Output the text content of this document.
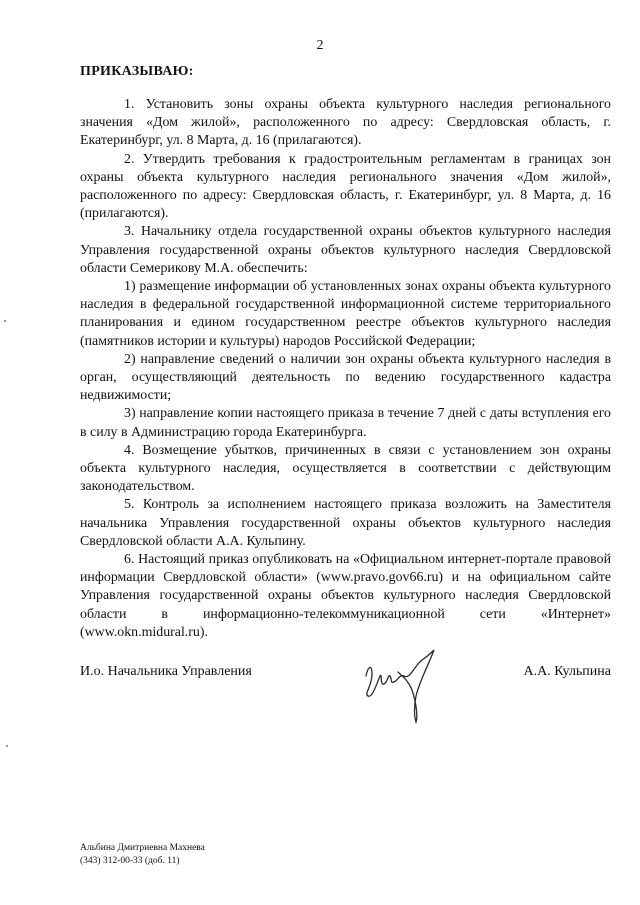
2
ПРИКАЗЫВАЮ:

1. Установить зоны охраны объекта культурного наследия регионального значения «Дом жилой», расположенного по адресу: Свердловская область, г. Екатеринбург, ул. 8 Марта, д. 16 (прилагаются).

2. Утвердить требования к градостроительным регламентам в границах зон охраны объекта культурного наследия регионального значения «Дом жилой», расположенного по адресу: Свердловская область, г. Екатеринбург, ул. 8 Марта, д. 16 (прилагаются).

3. Начальнику отдела государственной охраны объектов культурного наследия Управления государственной охраны объектов культурного наследия Свердловской области Семерикову М.А. обеспечить:

1) размещение информации об установленных зонах охраны объекта культурного наследия в федеральной государственной информационной системе территориального планирования и едином государственном реестре объектов культурного наследия (памятников истории и культуры) народов Российской Федерации;

2) направление сведений о наличии зон охраны объекта культурного наследия в орган, осуществляющий деятельность по ведению государственного кадастра недвижимости;

3) направление копии настоящего приказа в течение 7 дней с даты вступления его в силу в Администрацию города Екатеринбурга.

4. Возмещение убытков, причиненных в связи с установлением зон охраны объекта культурного наследия, осуществляется в соответствии с действующим законодательством.

5. Контроль за исполнением настоящего приказа возложить на Заместителя начальника Управления государственной охраны объектов культурного наследия Свердловской области А.А. Кульпину.

6. Настоящий приказ опубликовать на «Официальном интернет-портале правовой информации Свердловской области» (www.pravo.gov66.ru) и на официальном сайте Управления государственной охраны объектов культурного наследия Свердловской области в информационно-телекоммуникационной сети «Интернет» (www.okn.midural.ru).

И.о. Начальника Управления	А.А. Кульпина
Альбина Дмитриевна Махнева
(343) 312-00-33 (доб. 11)
